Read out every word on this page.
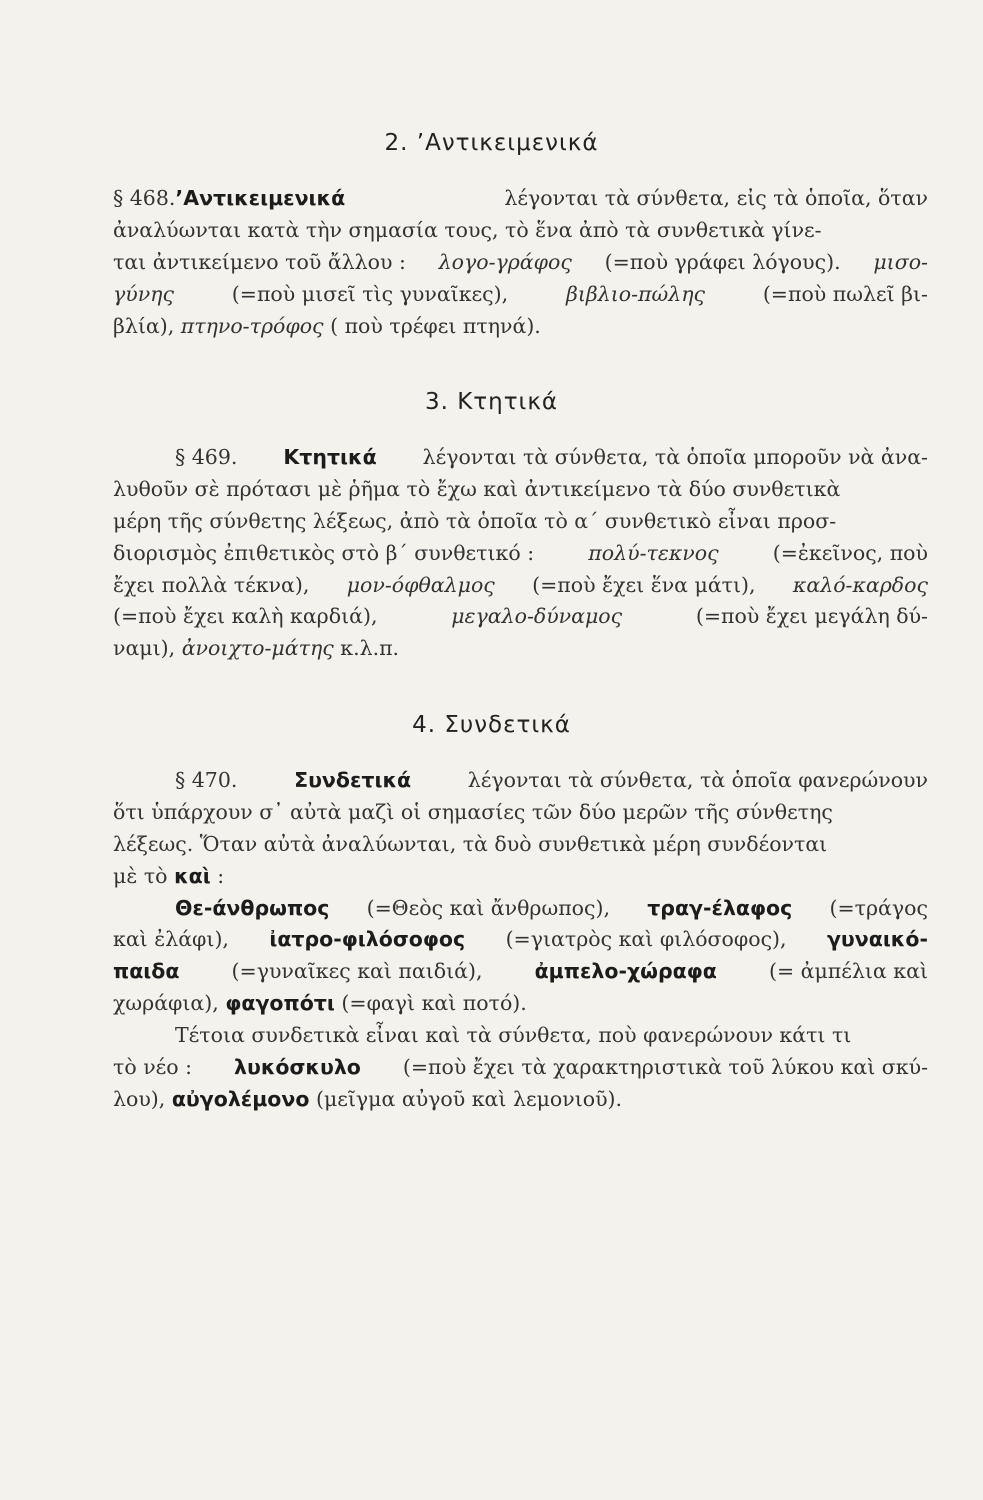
2. ’Αντικειμενικά
§ 468.’Αντικειμενικά	λέγονται τὰ σύνθετα, εἰς τὰ ὁποῖα, ὅταν
ἀναλύωνται κατὰ τὴν σημασία τους, τὸ ἕνα ἀπὸ τὰ συνθετικὰ γίνε-
ται ἀντικείμενο τοῦ ἄλλου : λογο-γράφος (=ποὺ γράφει λόγους). μισο-
γύνης	(=ποὺ μισεῖ τὶς γυναῖκες),	βιβλιο-πώλης	(=ποὺ πωλεῖ βι-
βλία),
πτηνο-τρόφος
( ποὺ τρέφει πτηνά).
3. Κτητικά
§ 469. Κτητικά λέγονται τὰ σύνθετα, τὰ ὁποῖα μποροῦν νὰ ἀνα-
λυθοῦν σὲ πρότασι μὲ ῥῆμα τὸ ἔχω καὶ ἀντικείμενο τὰ δύο συνθετικὰ
μέρη τῆς σύνθετης λέξεως, ἀπὸ τὰ ὁποῖα τὸ α΄ συνθετικὸ εἶναι προσ-
διορισμὸς ἐπιθετικὸς στὸ β΄ συνθετικό :	πολύ-τεκνος	(=ἐκεῖνος, ποὺ
ἔχει πολλὰ τέκνα), μον-όφθαλμος (=ποὺ ἔχει ἕνα μάτι), καλό-καρδος
(=ποὺ ἔχει καλὴ καρδιά),	μεγαλο-δύναμος	(=ποὺ ἔχει μεγάλη δύ-
ναμι),
ἀνοιχτο-μάτης
κ.λ.π.
4. Συνδετικά
§ 470.	Συνδετικά	λέγονται τὰ σύνθετα, τὰ ὁποῖα φανερώνουν
ὅτι ὑπάρχουν σ᾽ αὐτὰ μαζὶ οἱ σημασίες τῶν δύο μερῶν τῆς σύνθετης
λέξεως. Ὅταν αὐτὰ ἀναλύωνται, τὰ δυὸ συνθετικὰ μέρη συνδέονται
μὲ τὸ
καὶ
:
Θε-άνθρωπος (=Θεὸς καὶ ἄνθρωπος), τραγ-έλαφος (=τράγος
καὶ ἐλάφι), ἰατρο-φιλόσοφος (=γιατρὸς καὶ φιλόσοφος), γυναικό-
παιδα	(=γυναῖκες καὶ παιδιά),	ἀμπελο-χώραφα	(= ἀμπέλια καὶ
χωράφια),
φαγοπότι
(=φαγὶ καὶ ποτό).
Τέτοια συνδετικὰ εἶναι καὶ τὰ σύνθετα, ποὺ φανερώνουν κάτι τι
τὸ νέο : λυκόσκυλο (=ποὺ ἔχει τὰ χαρακτηριστικὰ τοῦ λύκου καὶ σκύ-
λου),
αὐγολέμονο
(μεῖγμα αὐγοῦ καὶ λεμονιοῦ).
